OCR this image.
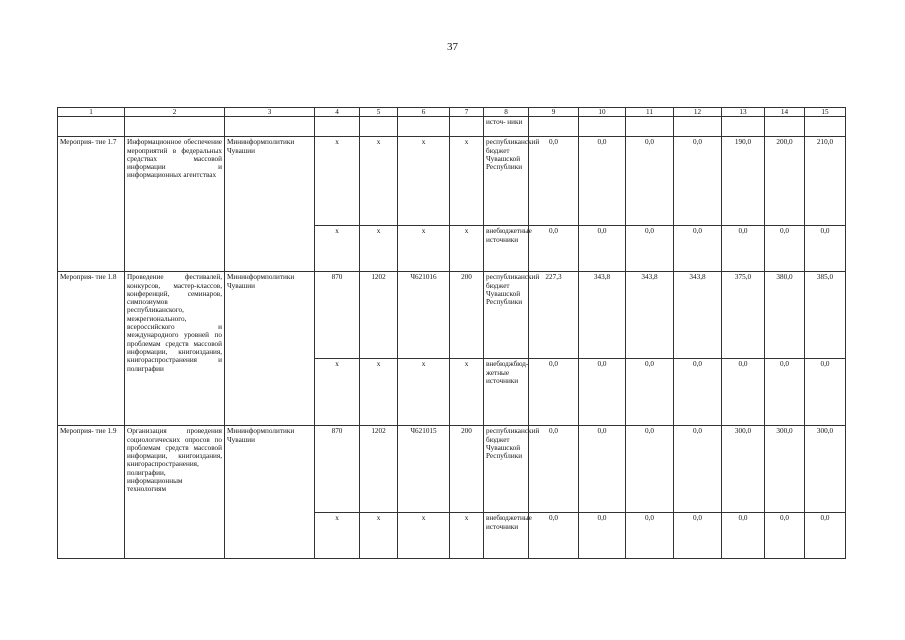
37
1	2	3	4	5	6	7	8	9	10	11	12	13	14	15
							источ- ники							
Мероприя- тие 1.7	Информационное обеспечение мероприятий в федеральных средствах массовой информации и информационных агентствах	Мининформполитики Чувашии	x	x	x	x	республиканский бюджет Чувашской Республики	0,0	0,0	0,0	0,0	190,0	200,0	210,0
			x	x	x	x	внебюджетные источники	0,0	0,0	0,0	0,0	0,0	0,0	0,0
Мероприя- тие 1.8	Проведение фестивалей, конкурсов, мастер-классов, конференций, семинаров, симпозиумов республиканского, межрегионального, всероссийского и международного уровней по проблемам средств массовой информации, книгоиздания, книгораспространения и полиграфии	Мининформполитики Чувашии	870	1202	Ч621016	200	республиканский бюджет Чувашской Республики	227,3	343,8	343,8	343,8	375,0	380,0	385,0
			x	x	x	x	внебюджбюд- жетные источники	0,0	0,0	0,0	0,0	0,0	0,0	0,0
Мероприя- тие 1.9	Организация проведения социологических опросов по проблемам средств массовой информации, книгоиздания, книгораспространения, полиграфии, информационным технологиям	Мининформполитики Чувашии	870	1202	Ч621015	200	республиканский бюджет Чувашской Республики	0,0	0,0	0,0	0,0	300,0	300,0	300,0
			x	x	x	x	внебюджетные источники	0,0	0,0	0,0	0,0	0,0	0,0	0,0
